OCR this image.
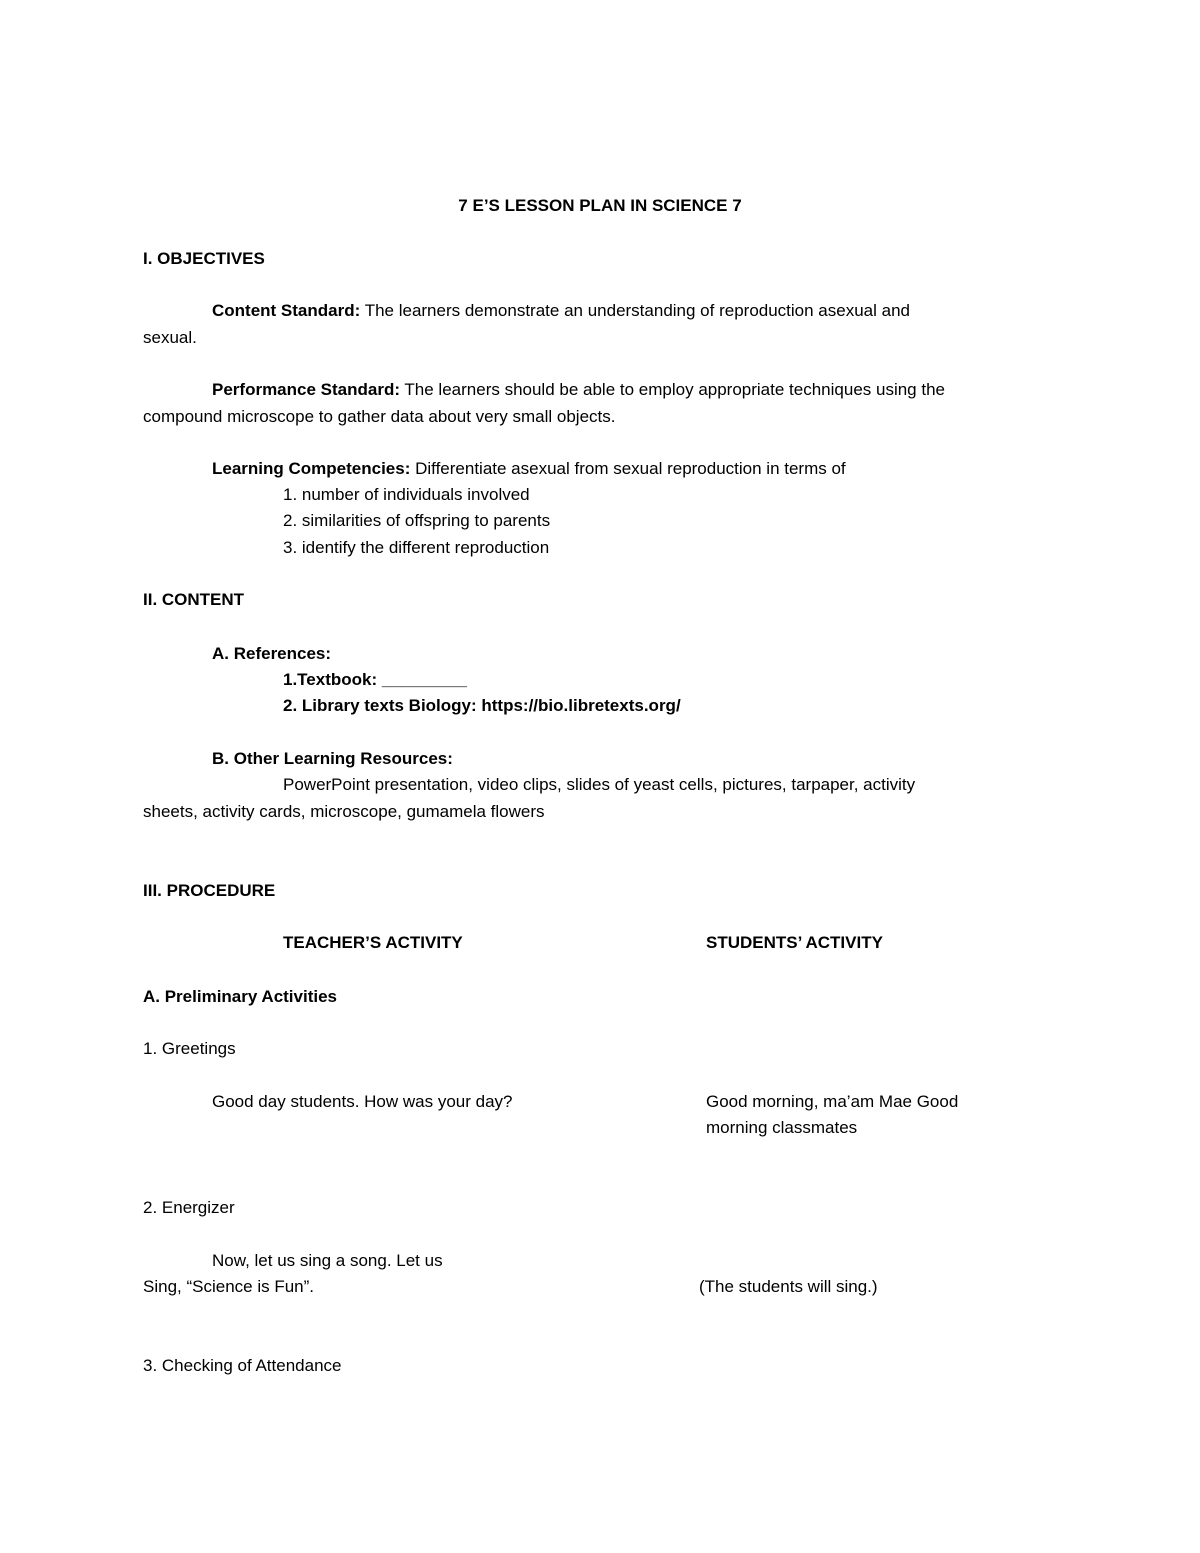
7 E’S LESSON PLAN IN SCIENCE 7
I. OBJECTIVES
Content Standard: The learners demonstrate an understanding of reproduction asexual and
sexual.
Performance Standard: The learners should be able to employ appropriate techniques using the
compound microscope to gather data about very small objects.
Learning Competencies: Differentiate asexual from sexual reproduction in terms of
1. number of individuals involved
2. similarities of offspring to parents
3. identify the different reproduction
II. CONTENT
A. References:
1.Textbook: _________
2. Library texts Biology: https://bio.libretexts.org/
B. Other Learning Resources:
PowerPoint presentation, video clips, slides of yeast cells, pictures, tarpaper, activity
sheets, activity cards, microscope, gumamela flowers
III. PROCEDURE
TEACHER’S ACTIVITY	STUDENTS’ ACTIVITY
A. Preliminary Activities
1. Greetings
Good day students. How was your day?	Good morning, ma’am Mae Good
morning classmates
2. Energizer
Now, let us sing a song. Let us
Sing, “Science is Fun”.	(The students will sing.)
3. Checking of Attendance
